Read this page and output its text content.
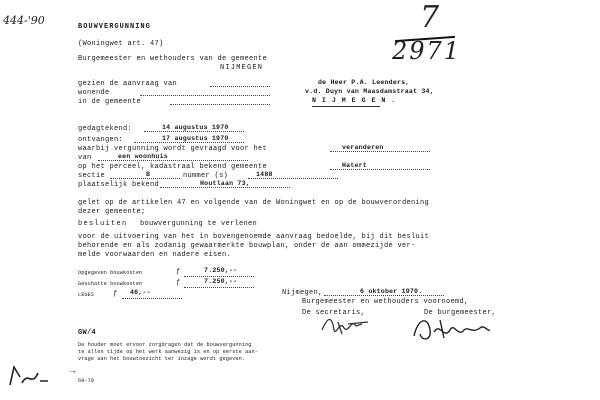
444-'90	BOUWVERGUNNING
(Woningwet art. 47)
Burgemeester en wethouders van de gemeente
NIJMEGEN
7
2971
gezien de aanvraag van	de Heer P.A. Leenders,
wonende	v.d. Duyn van Maasdamstraat 34,
in de gemeente	N I J M E G E N .
gedagtekend:	14 augustus 1970
ontvangen:	17 augustus 1970
waarbij vergunning wordt gevraagd voor het	veranderen
van	een woonhuis
op het perceel, kadastraal bekend gemeente	Hatert
sectie	B	nummer (s)	1488
plaatselijk bekend	Houtlaan 73,
gelet op de artikelen 47 en volgende van de Woningwet en op de bouwverordening
dezer gemeente;
besluiten bouwvergunning te verlenen
voor de uitvoering van het in bovengenoemde aanvraag bedoelde, bij dit besluit
behorende en als zodanig gewaarmerkte bouwplan, onder de aan ommezijde ver-
melde voorwaarden en nadere eisen.
Opgegeven bouwkosten	ƒ	7.250,--
Geschatte bouwkosten	ƒ	7.250,--
LEGES	ƒ 46,--	Nijmegen,	6 oktober 1970.
Burgemeester en wethouders voornoemd,
De secretaris,	De burgemeester,
GW/4
De houder moet ervoor zorgdragen dat de bouwvergunning
te allen tijde op het werk aanwezig is en op eerste aan-
vrage aan het bouwtoezicht ter inzage wordt gegeven.
→
69-78
